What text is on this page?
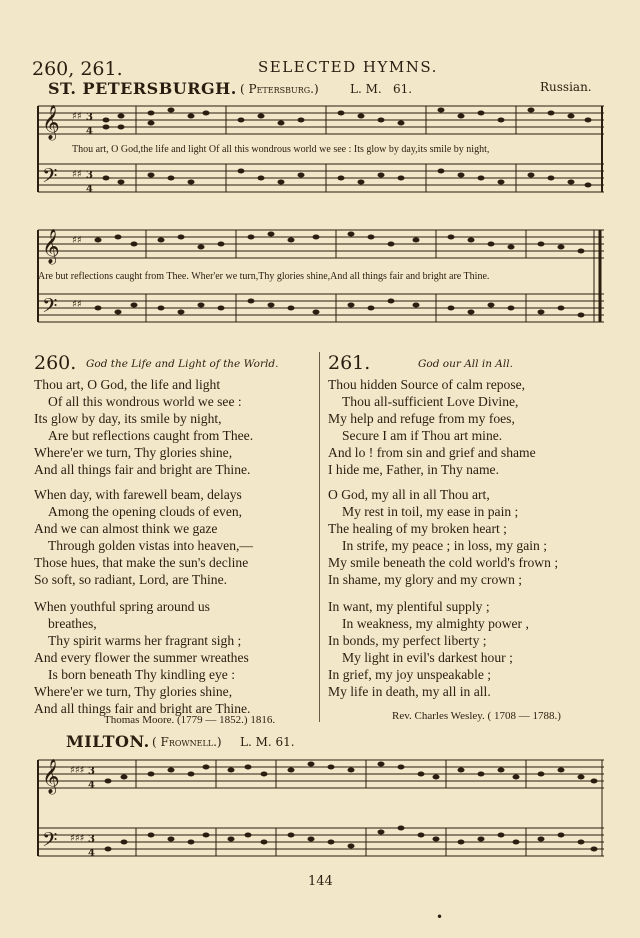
260, 261.	SELECTED HYMNS.
ST. PETERSBURGH. ( Petersburg.)	L. M. 61.	Russian.
𝄞
𝄢
♯♯
♯♯
3
4
3
4
Thou art, O God,the life and light Of all this wondrous world we see : Its glow by day,its smile by night,
𝄞
𝄢
♯♯
♯♯
Are but reflections caught from Thee. Wher'er we turn,Thy glories shine,And all things fair and bright are Thine.
260. God the Life and Light of the World.
Thou art, O God, the life and light
Of all this wondrous world we see :
Its glow by day, its smile by night,
Are but reflections caught from Thee.
Where'er we turn, Thy glories shine,
And all things fair and bright are Thine.
When day, with farewell beam, delays
Among the opening clouds of even,
And we can almost think we gaze
Through golden vistas into heaven,—
Those hues, that make the sun's decline
So soft, so radiant, Lord, are Thine.
When youthful spring around us
breathes,
Thy spirit warms her fragrant sigh ;
And every flower the summer wreathes
Is born beneath Thy kindling eye :
Where'er we turn, Thy glories shine,
And all things fair and bright are Thine.
Thomas Moore. (1779 — 1852.) 1816.
261.	God our All in All.
Thou hidden Source of calm repose,
Thou all-sufficient Love Divine,
My help and refuge from my foes,
Secure I am if Thou art mine.
And lo ! from sin and grief and shame
I hide me, Father, in Thy name.
O God, my all in all Thou art,
My rest in toil, my ease in pain ;
The healing of my broken heart ;
In strife, my peace ; in loss, my gain ;
My smile beneath the cold world's frown ;
In shame, my glory and my crown ;
In want, my plentiful supply ;
In weakness, my almighty power ,
In bonds, my perfect liberty ;
My light in evil's darkest hour ;
In grief, my joy unspeakable ;
My life in death, my all in all.
Rev. Charles Wesley. ( 1708 — 1788.)
MILTON. ( Frownell.) L. M. 61.
𝄞
𝄢
♯♯♯
♯♯♯
3
4
3
4
144
•
